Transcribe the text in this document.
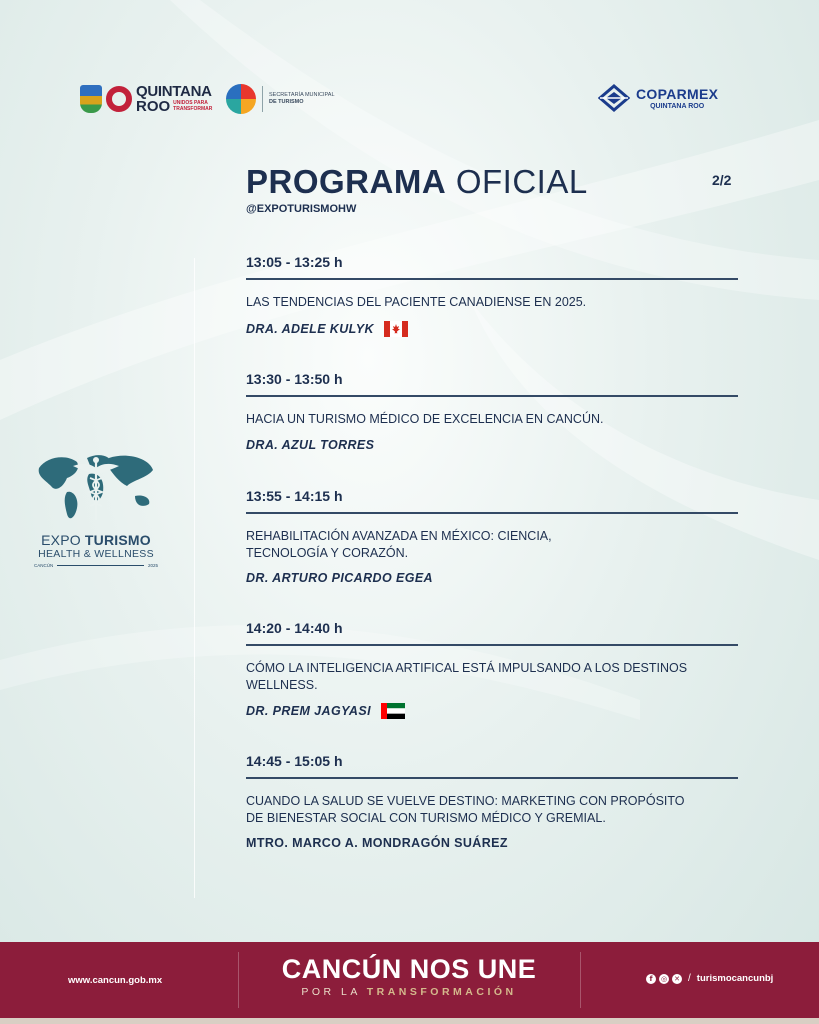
QUINTANA
ROO UNIDOS PARA TRANSFORMAR
SECRETARÍA MUNICIPAL
DE TURISMO
COPARMEX
QUINTANA ROO
PROGRAMA OFICIAL
@EXPOTURISMOHW
2/2
EXPO TURISMO
HEALTH & WELLNESS
CANCÚN	2025
13:05 - 13:25 h
LAS TENDENCIAS DEL PACIENTE CANADIENSE EN 2025.
DRA. ADELE KULYK
13:30 - 13:50 h
HACIA UN TURISMO MÉDICO DE EXCELENCIA EN CANCÚN.
DRA. AZUL TORRES
13:55 - 14:15 h
REHABILITACIÓN AVANZADA EN MÉXICO: CIENCIA,
TECNOLOGÍA Y CORAZÓN.
DR. ARTURO PICARDO EGEA
14:20 - 14:40 h
CÓMO LA INTELIGENCIA ARTIFICAL ESTÁ IMPULSANDO A LOS DESTINOS
WELLNESS.
DR. PREM JAGYASI
14:45 - 15:05 h
CUANDO LA SALUD SE VUELVE DESTINO: MARKETING CON PROPÓSITO
DE BIENESTAR SOCIAL CON TURISMO MÉDICO Y GREMIAL.
MTRO. MARCO A. MONDRAGÓN SUÁREZ
www.cancun.gob.mx	CANCÚN NOS UNE
POR LA TRANSFORMACIÓN
f	◎ ✕ / turismocancunbj
